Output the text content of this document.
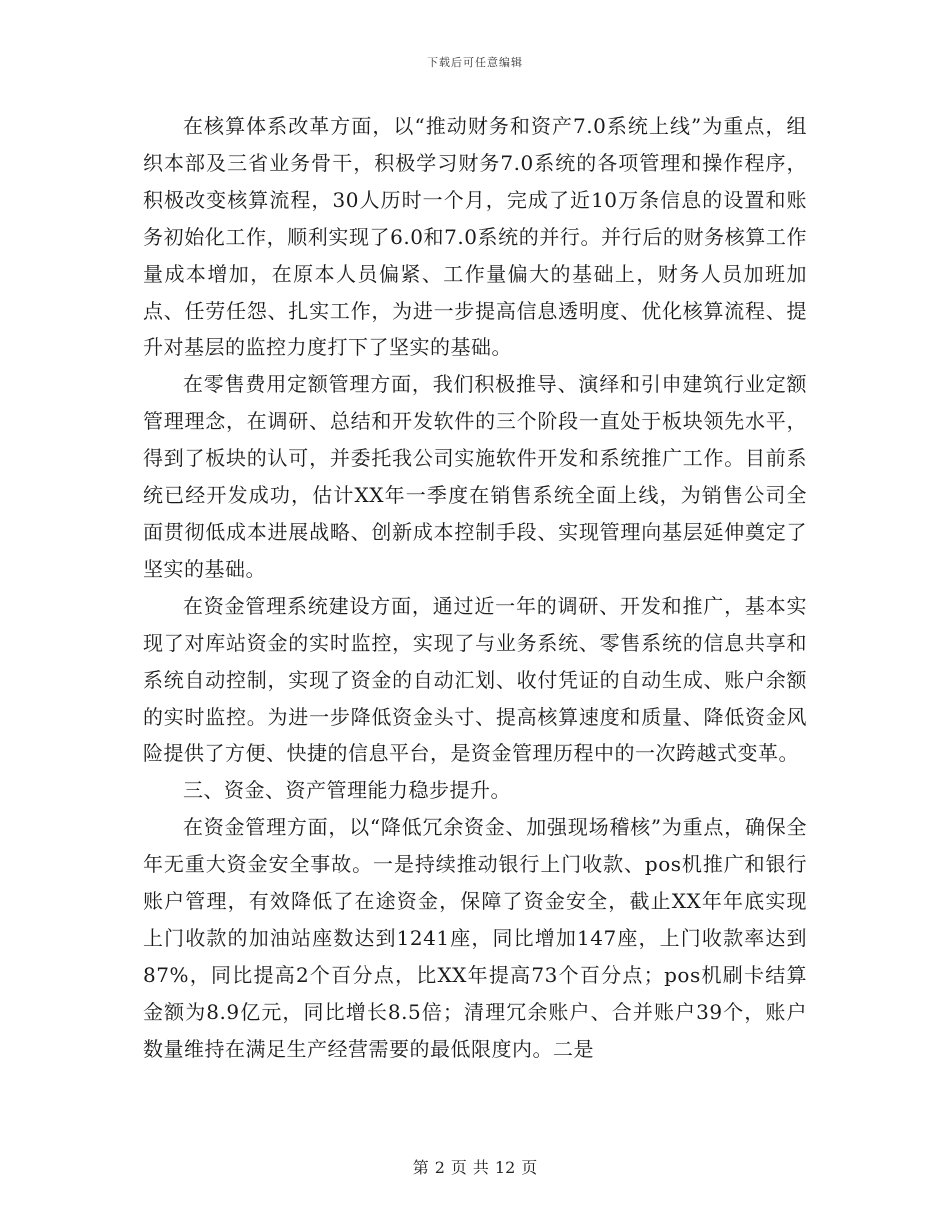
下载后可任意编辑

在核算体系改革方面，以“推动财务和资产7.0系统上线”为重点，组织本部及三省业务骨干，积极学习财务7.0系统的各项管理和操作程序，积极改变核算流程，30人历时一个月，完成了近10万条信息的设置和账务初始化工作，顺利实现了6.0和7.0系统的并行。并行后的财务核算工作量成本增加，在原本人员偏紧、工作量偏大的基础上，财务人员加班加点、任劳任怨、扎实工作，为进一步提高信息透明度、优化核算流程、提升对基层的监控力度打下了坚实的基础。

在零售费用定额管理方面，我们积极推导、演绎和引申建筑行业定额管理理念，在调研、总结和开发软件的三个阶段一直处于板块领先水平，得到了板块的认可，并委托我公司实施软件开发和系统推广工作。目前系统已经开发成功，估计XX年一季度在销售系统全面上线，为销售公司全面贯彻低成本进展战略、创新成本控制手段、实现管理向基层延伸奠定了坚实的基础。

在资金管理系统建设方面，通过近一年的调研、开发和推广，基本实现了对库站资金的实时监控，实现了与业务系统、零售系统的信息共享和系统自动控制，实现了资金的自动汇划、收付凭证的自动生成、账户余额的实时监控。为进一步降低资金头寸、提高核算速度和质量、降低资金风险提供了方便、快捷的信息平台，是资金管理历程中的一次跨越式变革。

三、资金、资产管理能力稳步提升。

在资金管理方面，以“降低冗余资金、加强现场稽核”为重点，确保全年无重大资金安全事故。一是持续推动银行上门收款、pos机推广和银行账户管理，有效降低了在途资金，保障了资金安全，截止XX年年底实现上门收款的加油站座数达到1241座，同比增加147座，上门收款率达到87%，同比提高2个百分点，比XX年提高73个百分点；pos机刷卡结算金额为8.9亿元，同比增长8.5倍；清理冗余账户、合并账户39个，账户数量维持在满足生产经营需要的最低限度内。二是

第 2 页 共 12 页
